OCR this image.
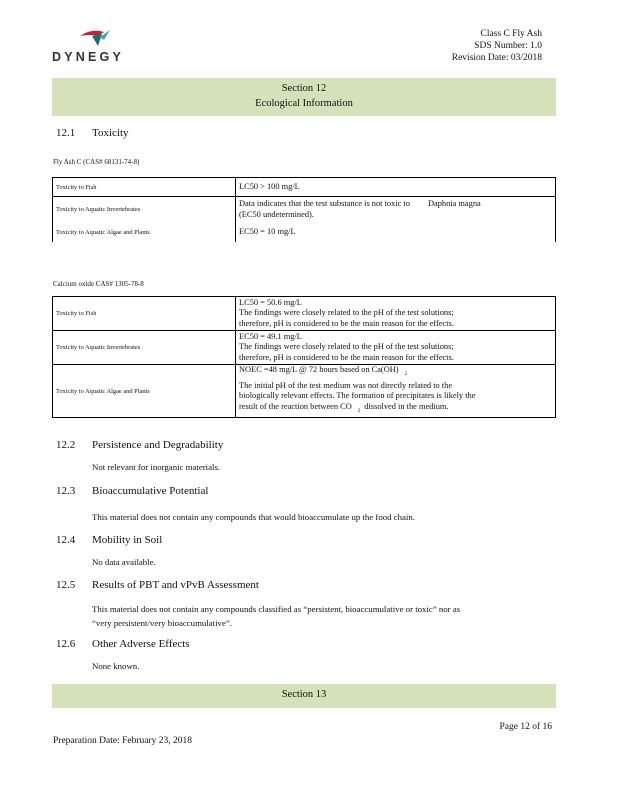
DYNEGY
Class C Fly Ash
SDS Number: 1.0
Revision Date: 03/2018
Section 12
Ecological Information
12.1 Toxicity
Fly Ash C (CAS# 68131-74-8)
Toxicity to Fish	LC50 > 100 mg/L
Toxicity to Aquatic Invertebrates	Data indicates that the test substance is not toxic to Daphnia magna
(EC50 undetermined).
Toxicity to Aquatic Algae and Plants	EC50 = 10 mg/L
Calcium oxide CAS# 1305-78-8
Toxicity to Fish	LC50 = 50.6 mg/L
The findings were closely related to the pH of the test solutions;
therefore, pH is considered to be the main reason for the effects.

Toxicity to Aquatic Invertebrates	EC50 = 49.1 mg/L
The findings were closely related to the pH of the test solutions;
therefore, pH is considered to be the main reason for the effects.

Toxicity to Aquatic Algae and Plants	NOEC =48 mg/L @ 72 hours based on $Ca(OH)_2$
The initial pH of the test medium was not directly related to the
biologically relevant effects. The formation of precipitates is likely the
result of the reaction between $CO_2dissolved$ in the medium.
12.2 Persistence and Degradability
Not relevant for inorganic materials.
12.3 Bioaccumulative Potential
This material does not contain any compounds that would bioaccumulate up the food chain.
12.4 Mobility in Soil
No data available.
12.5 Results of PBT and vPvB Assessment
This material does not contain any compounds classified as “persistent, bioaccumulative or toxic” nor as
“very persistent/very bioaccumulative”.
12.6 Other Adverse Effects
None known.
Section 13
Page 12 of 16
Preparation Date: February 23, 2018
